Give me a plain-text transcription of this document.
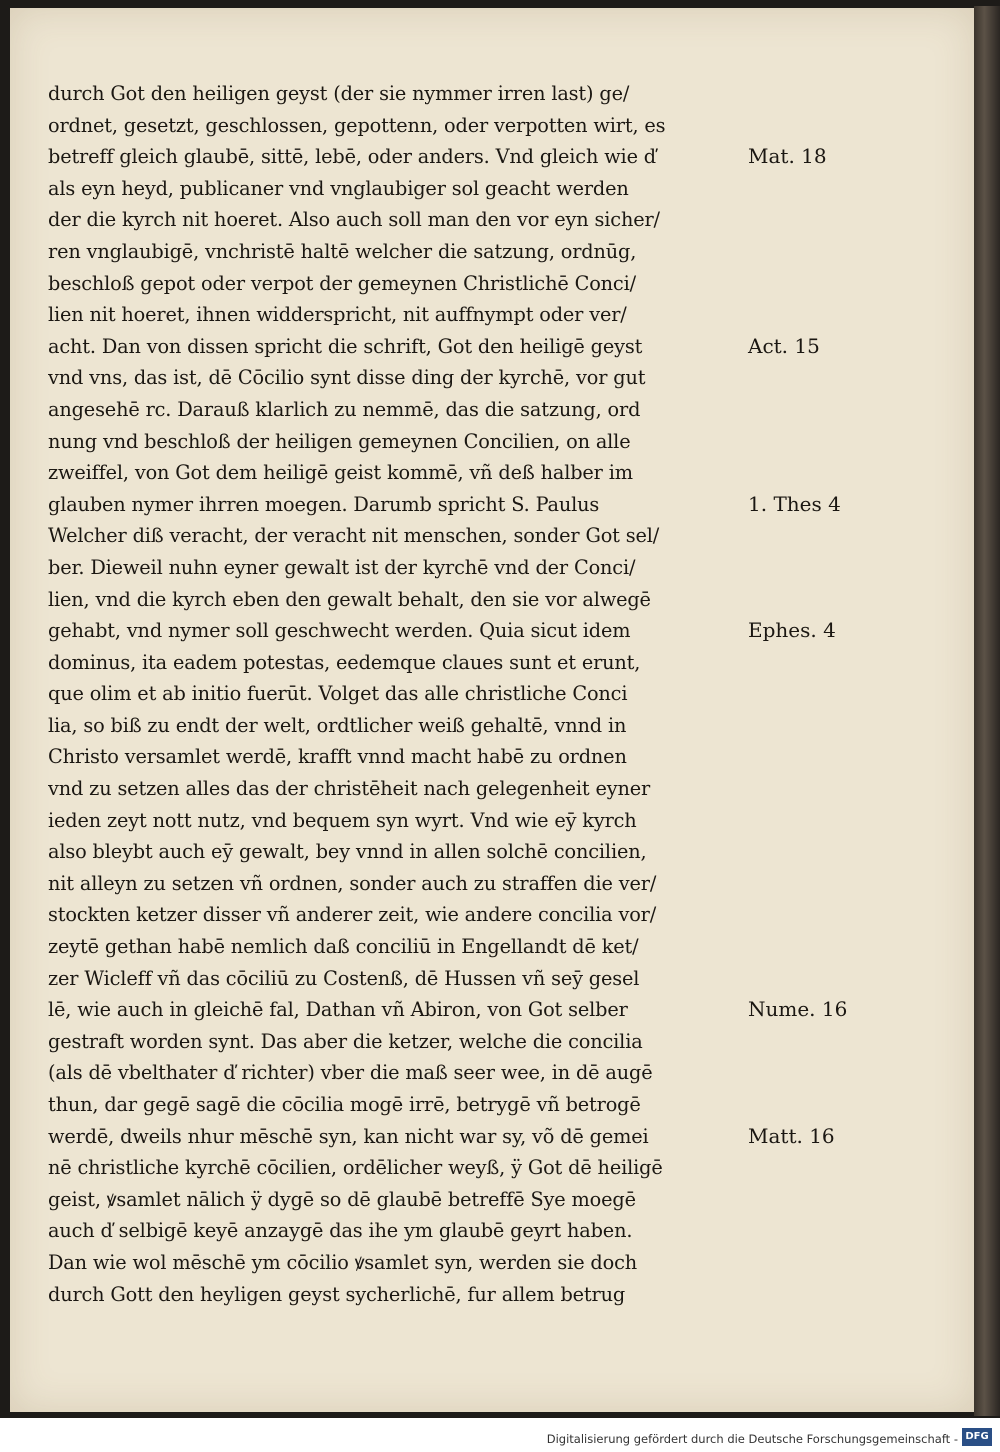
durch Got den heiligen geyst (der sie nymmer irren last) ge/
ordnet, gesetzt, geschlossen, gepottenn, oder verpotten wirt, es
betreff gleich glaubē, sittē, lebē, oder anders. Vnd gleich wie ď
als eyn heyd, publicaner vnd vnglaubiger sol geacht werden
der die kyrch nit hoeret. Also auch soll man den vor eyn sicher/
ren vnglaubigē, vnchristē haltē welcher die satzung, ordnūg,
beschloß gepot oder verpot der gemeynen Christlichē Conci/
lien nit hoeret, ihnen widderspricht, nit auffnympt oder ver/
acht. Dan von dissen spricht die schrift, Got den heiligē geyst
vnd vns, das ist, dē Cōcilio synt disse ding der kyrchē, vor gut
angesehē rc. Darauß klarlich zu nemmē, das die satzung, ord
nung vnd beschloß der heiligen gemeynen Concilien, on alle
zweiffel, von Got dem heiligē geist kommē, vñ deß halber im
glauben nymer ihrren moegen. Darumb spricht S. Paulus
Welcher diß veracht, der veracht nit menschen, sonder Got sel/
ber. Dieweil nuhn eyner gewalt ist der kyrchē vnd der Conci/
lien, vnd die kyrch eben den gewalt behalt, den sie vor alwegē
gehabt, vnd nymer soll geschwecht werden. Quia sicut idem
dominus, ita eadem potestas, eedemque claues sunt et erunt,
que olim et ab initio fuerūt. Volget das alle christliche Conci
lia, so biß zu endt der welt, ordtlicher weiß gehaltē, vnnd in
Christo versamlet werdē, krafft vnnd macht habē zu ordnen
vnd zu setzen alles das der christēheit nach gelegenheit eyner
ieden zeyt nott nutz, vnd bequem syn wyrt. Vnd wie eȳ kyrch
also bleybt auch eȳ gewalt, bey vnnd in allen solchē concilien,
nit alleyn zu setzen vñ ordnen, sonder auch zu straffen die ver/
stockten ketzer disser vñ anderer zeit, wie andere concilia vor/
zeytē gethan habē nemlich daß conciliū in Engellandt dē ket/
zer Wicleff vñ das cōciliū zu Costenß, dē Hussen vñ seȳ gesel
lē, wie auch in gleichē fal, Dathan vñ Abiron, von Got selber
gestraft worden synt. Das aber die ketzer, welche die concilia
(als dē vbelthater ď richter) vber die maß seer wee, in dē augē
thun, dar gegē sagē die cōcilia mogē irrē, betrygē vñ betrogē
werdē, dweils nhur mēschē syn, kan nicht war sy, võ dē gemei
nē christliche kyrchē cōcilien, ordēlicher weyß, ÿ Got dē heiligē
geist, ꝟsamlet nālich ÿ dygē so dē glaubē betreffē Sye moegē
auch ď selbigē keyē anzaygē das ihe ym glaubē geyrt haben.
Dan wie wol mēschē ym cōcilio ꝟsamlet syn, werden sie doch
durch Gott den heyligen geyst sycherlichē, fur allem betrug
Mat. 18
Act. 15
1. Thes 4
Ephes. 4
Nume. 16
Matt. 16
Digitalisierung gefördert durch die Deutsche Forschungsgemeinschaft - DFG
